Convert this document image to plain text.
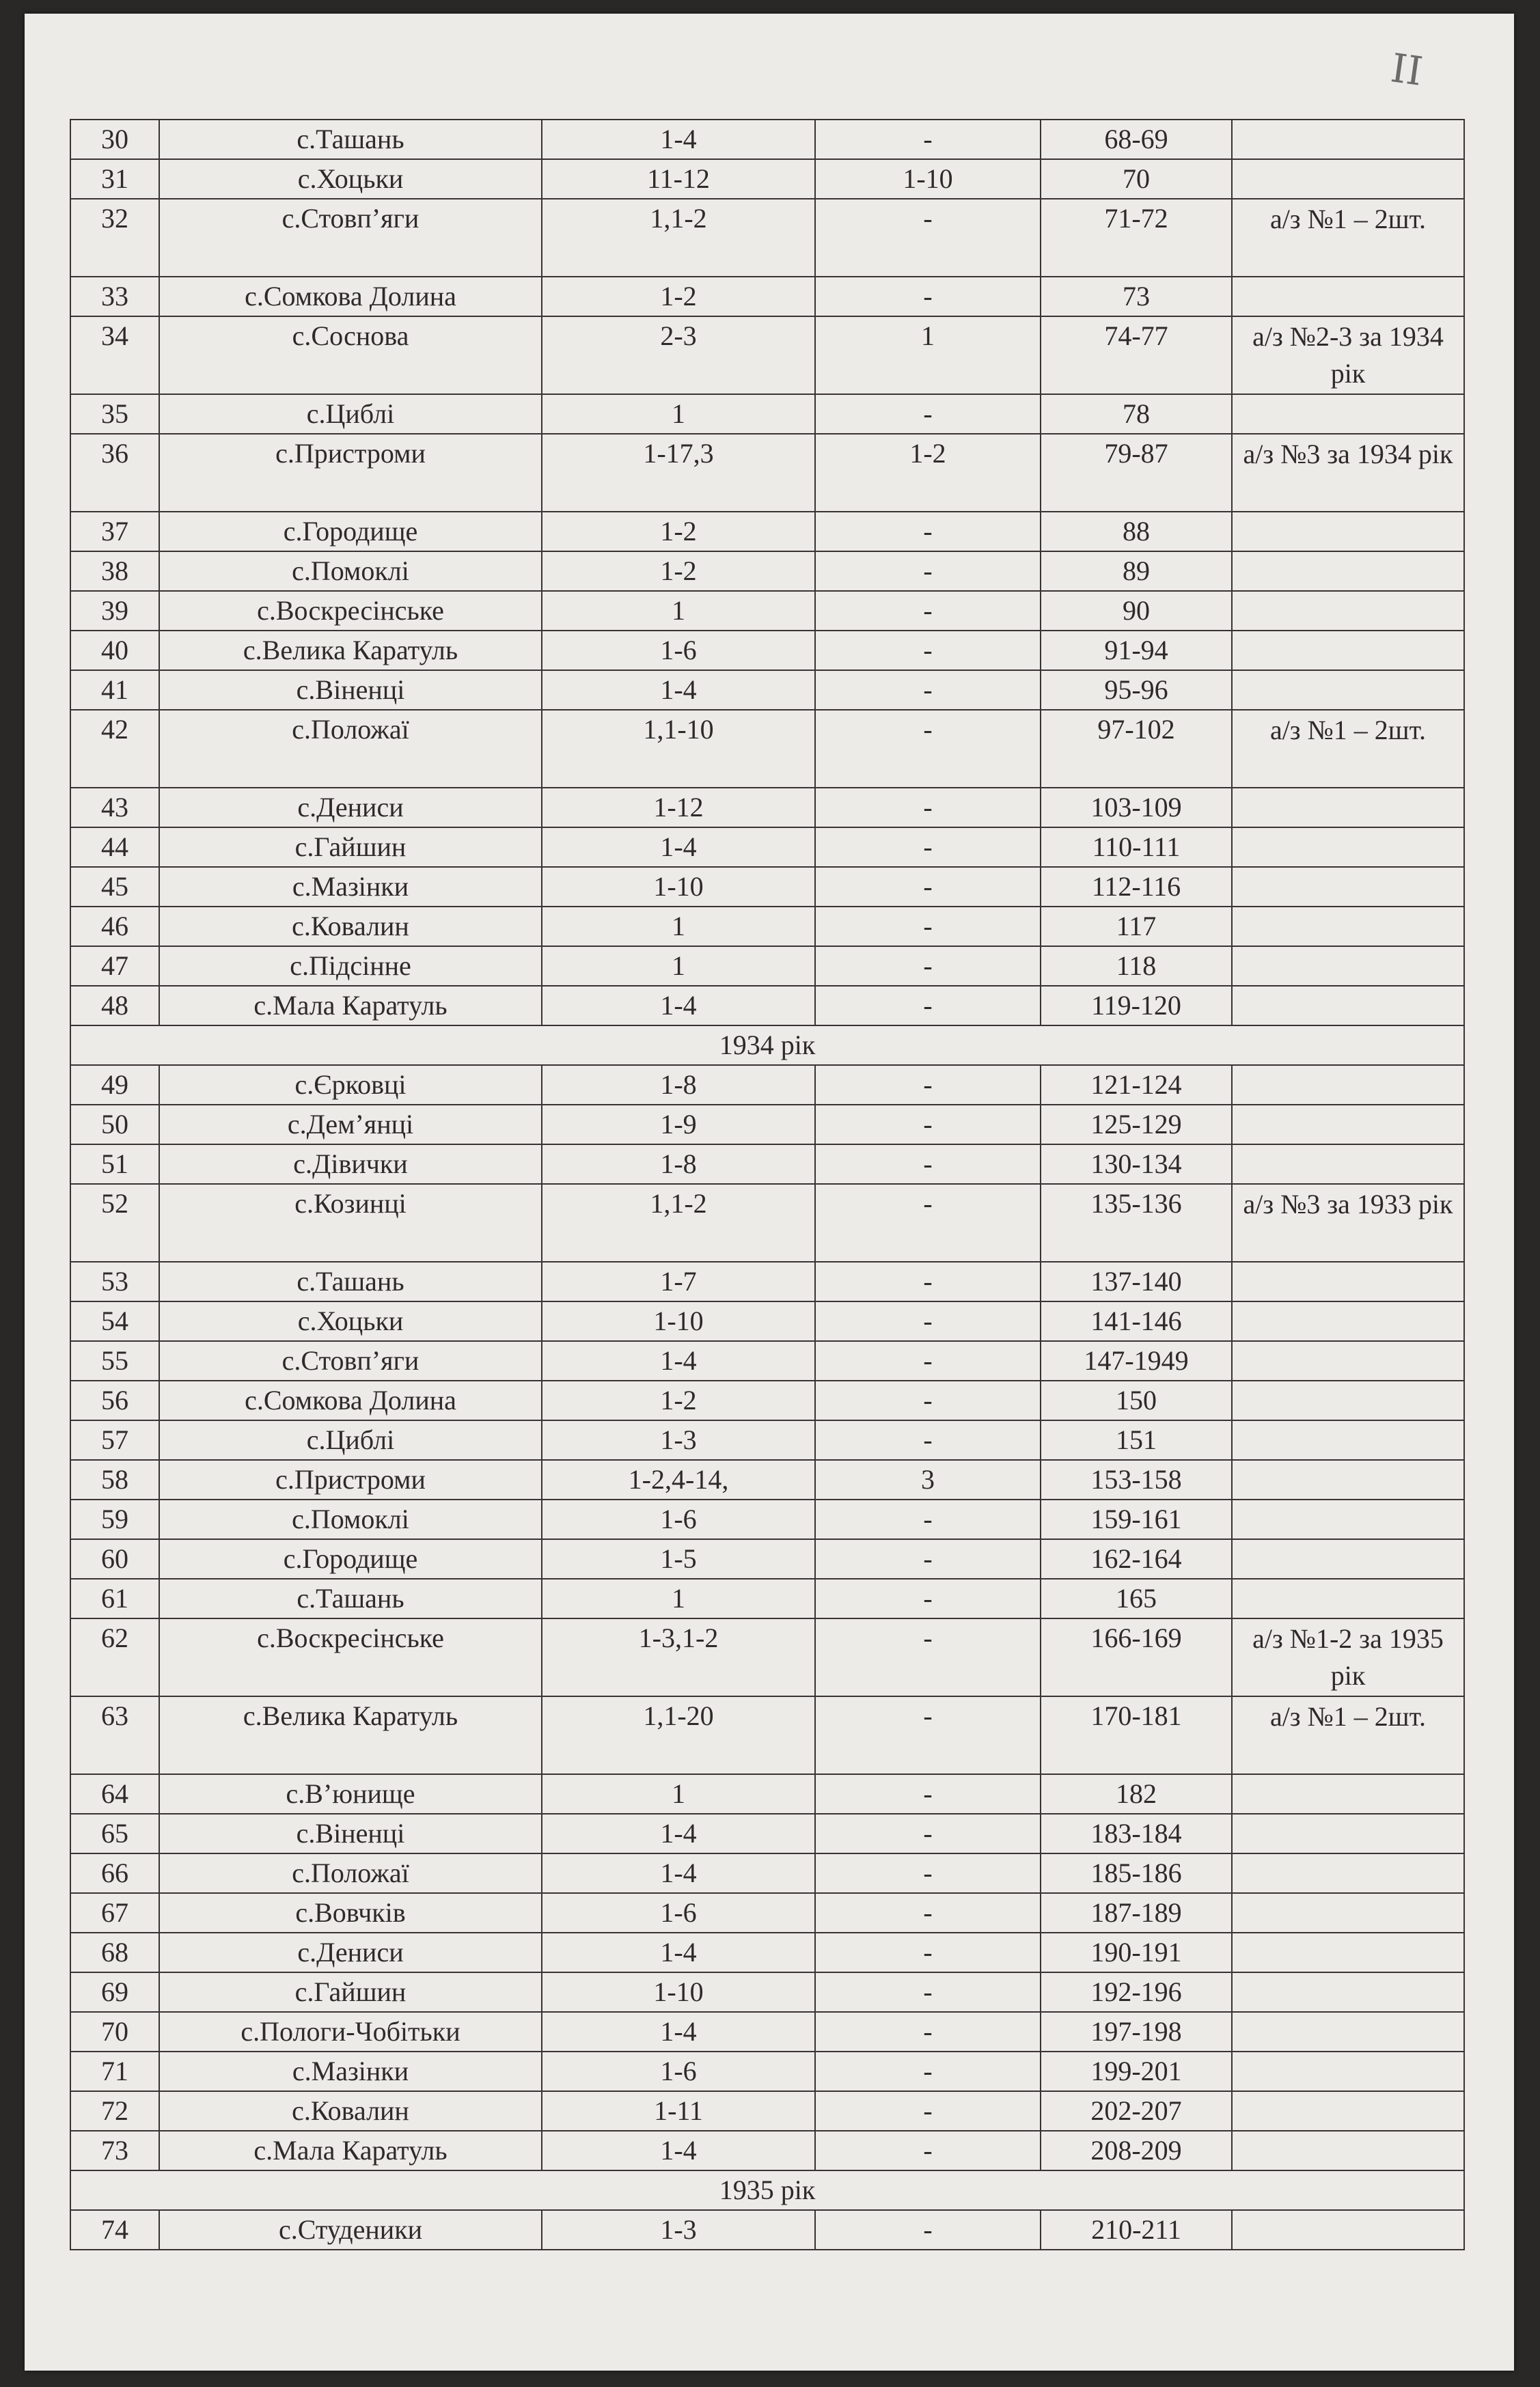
ІІ
30	с.Ташань	1-4	-	68-69	
31	с.Хоцьки	11-12	1-10	70	
32	с.Стовп’яги	1,1-2	-	71-72	а/з №1 – 2шт.
33	с.Сомкова Долина	1-2	-	73	
34	с.Соснова	2-3	1	74-77	а/з №2-3 за 1934 рік
35	с.Циблі	1	-	78	
36	с.Пристроми	1-17,3	1-2	79-87	а/з №3 за 1934 рік
37	с.Городище	1-2	-	88	
38	с.Помоклі	1-2	-	89	
39	с.Воскресінське	1	-	90	
40	с.Велика Каратуль	1-6	-	91-94	
41	с.Віненці	1-4	-	95-96	
42	с.Положаї	1,1-10	-	97-102	а/з №1 – 2шт.
43	с.Дениси	1-12	-	103-109	
44	с.Гайшин	1-4	-	110-111	
45	с.Мазінки	1-10	-	112-116	
46	с.Ковалин	1	-	117	
47	с.Підсінне	1	-	118	
48	с.Мала Каратуль	1-4	-	119-120	
1934 рік					
49	с.Єрковці	1-8	-	121-124	
50	с.Дем’янці	1-9	-	125-129	
51	с.Дівички	1-8	-	130-134	
52	с.Козинці	1,1-2	-	135-136	а/з №3 за 1933 рік
53	с.Ташань	1-7	-	137-140	
54	с.Хоцьки	1-10	-	141-146	
55	с.Стовп’яги	1-4	-	147-1949	
56	с.Сомкова Долина	1-2	-	150	
57	с.Циблі	1-3	-	151	
58	с.Пристроми	1-2,4-14,	3	153-158	
59	с.Помоклі	1-6	-	159-161	
60	с.Городище	1-5	-	162-164	
61	с.Ташань	1	-	165	
62	с.Воскресінське	1-3,1-2	-	166-169	а/з №1-2 за 1935 рік
63	с.Велика Каратуль	1,1-20	-	170-181	а/з №1 – 2шт.
64	с.В’юнище	1	-	182	
65	с.Віненці	1-4	-	183-184	
66	с.Положаї	1-4	-	185-186	
67	с.Вовчків	1-6	-	187-189	
68	с.Дениси	1-4	-	190-191	
69	с.Гайшин	1-10	-	192-196	
70	с.Пологи-Чобітьки	1-4	-	197-198	
71	с.Мазінки	1-6	-	199-201	
72	с.Ковалин	1-11	-	202-207	
73	с.Мала Каратуль	1-4	-	208-209	
1935 рік					
74	с.Студеники	1-3	-	210-211	
